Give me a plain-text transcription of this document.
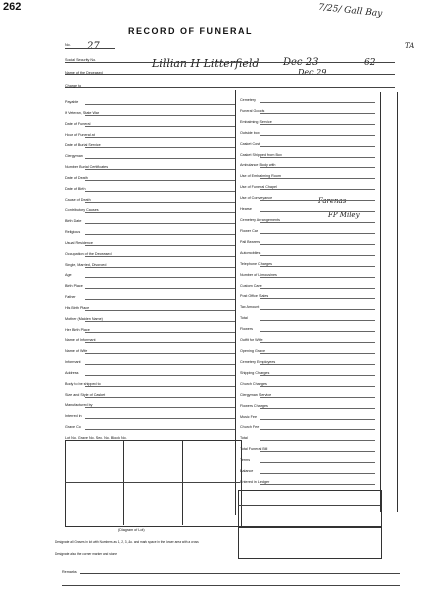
262
RECORD OF FUNERAL
7/25/ Gall Bay
TA
27
Lillian H Litterfield Dec 23
Dec 29
62
Farenas
FP Miley
Payable
If Veteran, State War
Date of Funeral
Hour of Funeral at
Date of Burial Service
Clergyman
Number Burial Certificates
Date of Death
Date of Birth
Cause of Death
Contributory Causes
Birth Date
Religious
Usual Residence
Occupation of the Deceased
Single, Married, Divorced
Age
Birth Place
Father
His Birth Place
Mother (Maiden Name)
Her Birth Place
Name of Informant
Name of Wife
Informant
Address
Body to be shipped to
Size and Style of Casket
Manufactured by
Interred in
Grave Co
Lot No. Grave No. Sec. No. Block No.
No.
Social Security No.
Name of the Deceased
Charge to
Cemetery
Funeral Goods
Embalming Service
Outside box
Casket Cost
Casket Shipped from Box
Ambulance Body with
Use of Embalming Room
Use of Funeral Chapel
Use of Conveyance
Hearse
Cemetery Arrangements
Flower Car
Pall Bearers
Automobiles
Telephone Charges
Number of Limousines
Custom Care
Post Office Sales
Tax Amount
Total
Flowers
Outfit for Wife
Opening Grave
Cemetery Employees
Shipping Charges
Church Charges
Clergyman Service
Flowers Charges
Music Fee
Church Fee
Total
Total Funeral Bill
Terms
Balance
Entered in Ledger
(Diagram of Lot)
Designate all Graves in lot with Numbers as 1, 2, 3, &c. and mark space in the lower area with a cross
Designate also the corner marker and stone
Remarks
